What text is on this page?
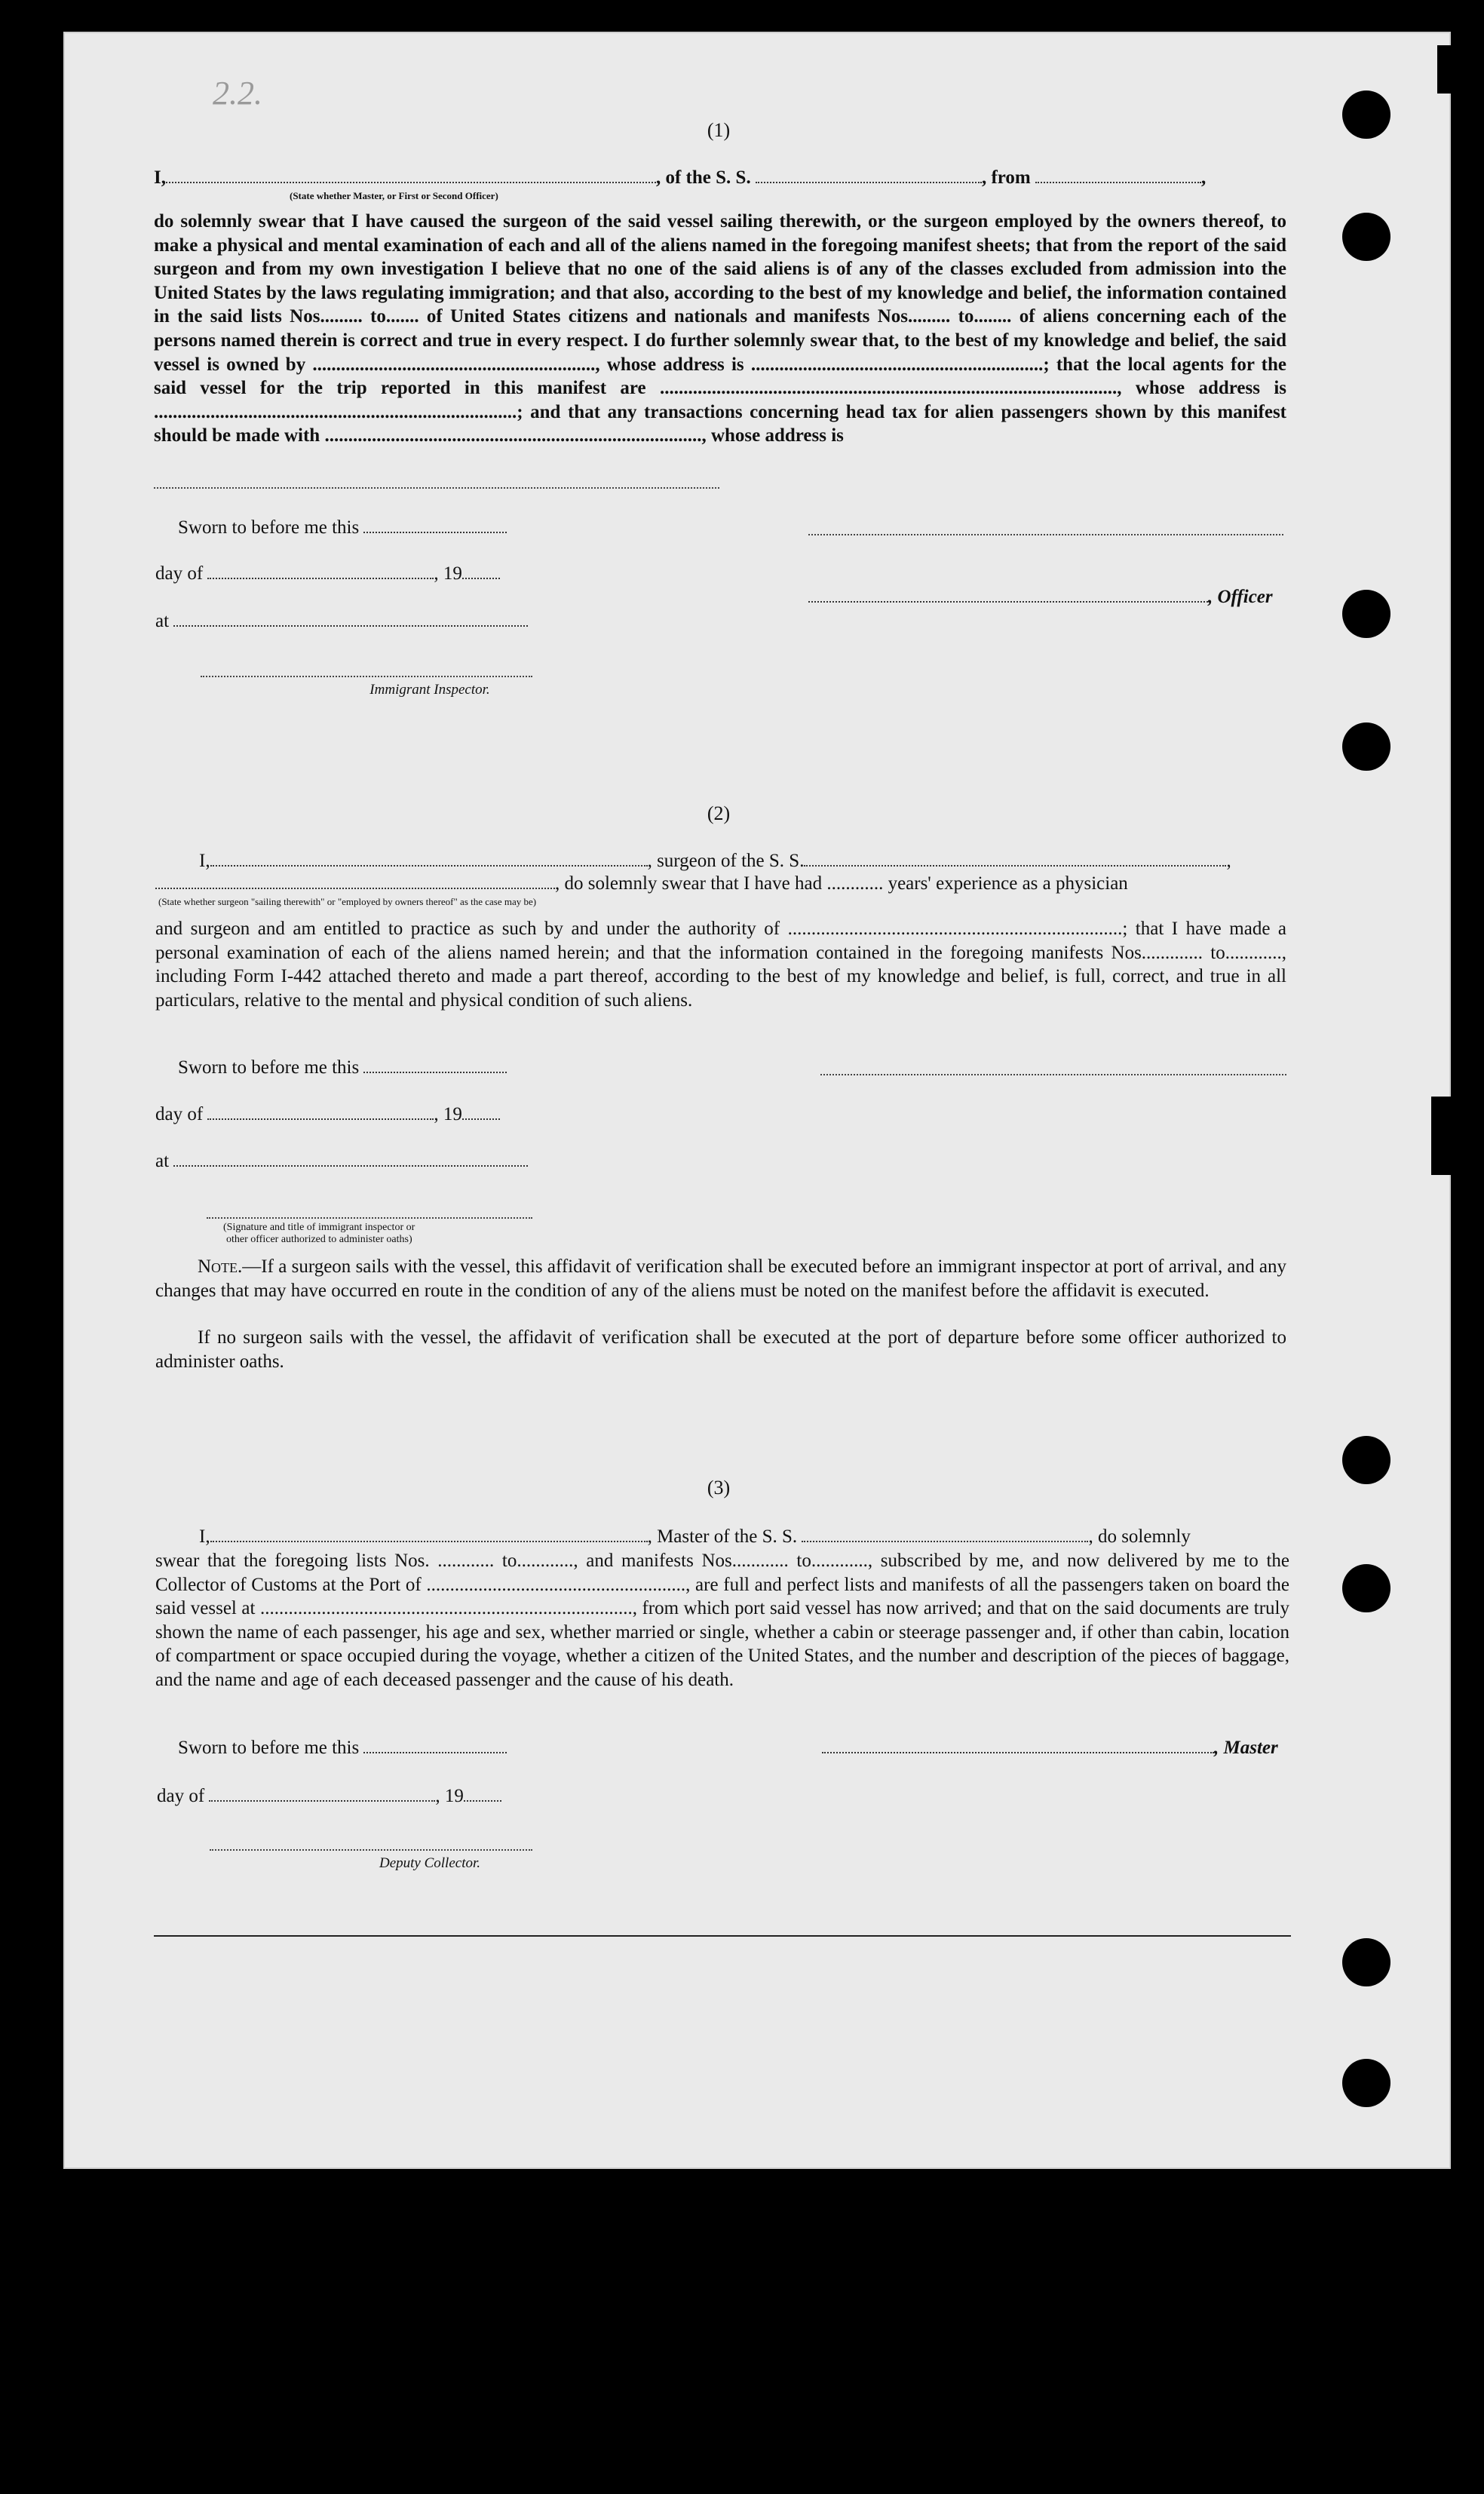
2.2.
(1)
I,	, of the S. S.	, from	,
(State whether Master, or First or Second Officer)
do solemnly swear that I have caused the surgeon of the said vessel sailing therewith, or the surgeon employed by the owners thereof, to make a physical and mental examination of each and all of the aliens named in the foregoing manifest sheets; that from the report of the said surgeon and from my own investigation I believe that no one of the said aliens is of any of the classes excluded from admission into the United States by the laws regulating immigration; and that also, according to the best of my knowledge and belief, the information contained in the said lists Nos......... to....... of United States citizens and nationals and manifests Nos......... to........ of aliens concerning each of the persons named therein is correct and true in every respect. I do further solemnly swear that, to the best of my knowledge and belief, the said vessel is owned by ............................................................, whose address is ..............................................................; that the local agents for the said vessel for the trip reported in this manifest are ................................................................................................., whose address is .............................................................................; and that any transactions concerning head tax for alien passengers shown by this manifest should be made with ................................................................................, whose address is
Sworn to before me this
day of	, 19
, Officer
at
Immigrant Inspector.
(2)
I,	, surgeon of the S. S.	,
, do solemnly swear that I have had ............ years' experience as a physician
(State whether surgeon "sailing therewith" or "employed by owners thereof" as the case may be)
and surgeon and am entitled to practice as such by and under the authority of .......................................................................; that I have made a personal examination of each of the aliens named herein; and that the information contained in the foregoing manifests Nos............. to............, including Form I-442 attached thereto and made a part thereof, according to the best of my knowledge and belief, is full, correct, and true in all particulars, relative to the mental and physical condition of such aliens.
Sworn to before me this
day of	, 19
at
(Signature and title of immigrant inspector or
other officer authorized to administer oaths)
Note.—If a surgeon sails with the vessel, this affidavit of verification shall be executed before an immigrant inspector at port of arrival, and any changes that may have occurred en route in the condition of any of the aliens must be noted on the manifest before the affidavit is executed.
If no surgeon sails with the vessel, the affidavit of verification shall be executed at the port of departure before some officer authorized to administer oaths.
(3)
I,	, Master of the S. S.	, do solemnly
swear that the foregoing lists Nos. ............ to............, and manifests Nos............ to............, subscribed by me, and now delivered by me to the Collector of Customs at the Port of ......................................................., are full and perfect lists and manifests of all the passengers taken on board the said vessel at ..............................................................................., from which port said vessel has now arrived; and that on the said documents are truly shown the name of each passenger, his age and sex, whether married or single, whether a cabin or steerage passenger and, if other than cabin, location of compartment or space occupied during the voyage, whether a citizen of the United States, and the number and description of the pieces of baggage, and the name and age of each deceased passenger and the cause of his death.
Sworn to before me this	, Master
day of	, 19
Deputy Collector.
